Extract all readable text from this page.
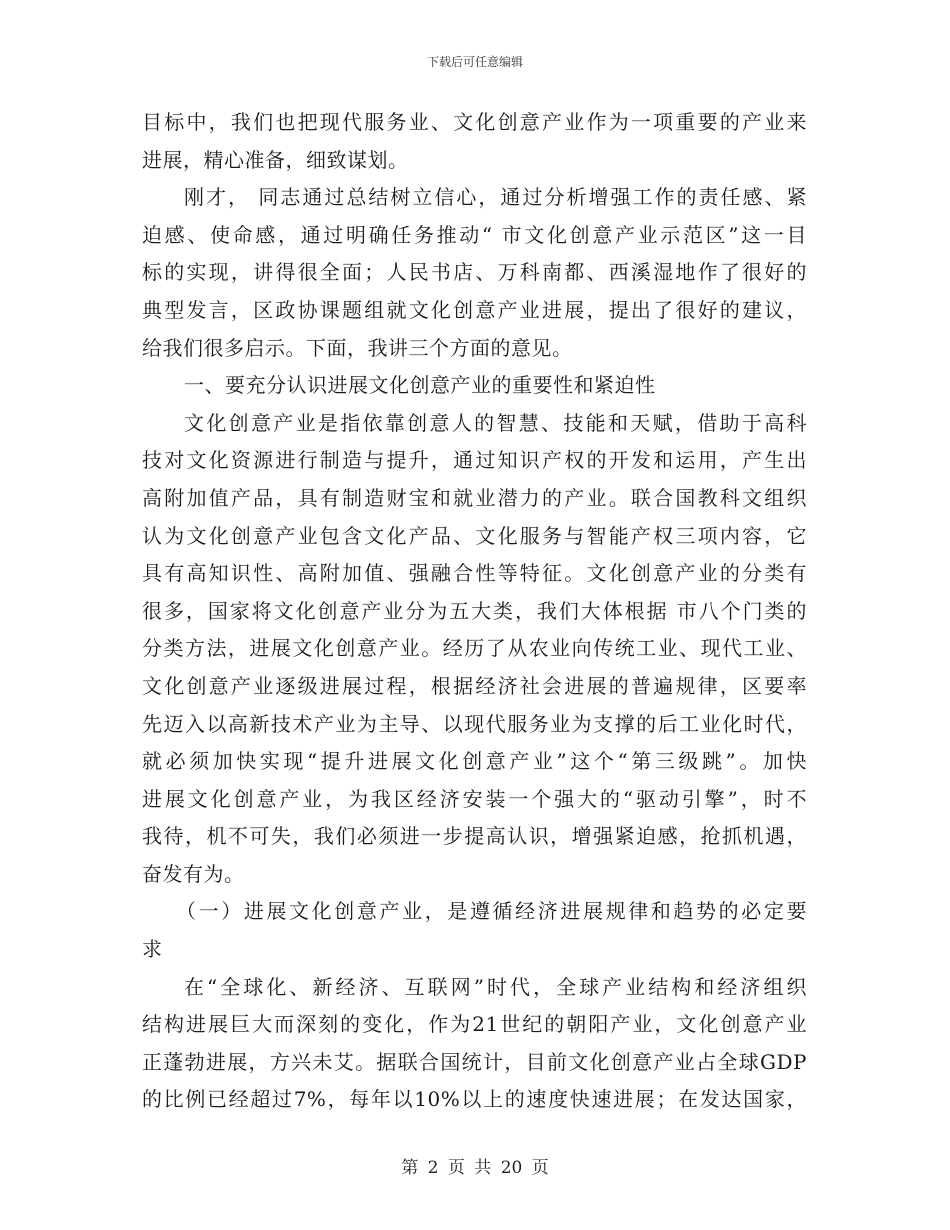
下载后可任意编辑
目标中，我们也把现代服务业、文化创意产业作为一项重要的产业来
进展，精心准备，细致谋划。
刚才， 同志通过总结树立信心，通过分析增强工作的责任感、紧
迫感、使命感，通过明确任务推动“ 市文化创意产业示范区”这一目
标的实现，讲得很全面；人民书店、万科南都、西溪湿地作了很好的
典型发言，区政协课题组就文化创意产业进展，提出了很好的建议，
给我们很多启示。下面，我讲三个方面的意见。
一、要充分认识进展文化创意产业的重要性和紧迫性
文化创意产业是指依靠创意人的智慧、技能和天赋，借助于高科
技对文化资源进行制造与提升，通过知识产权的开发和运用，产生出
高附加值产品，具有制造财宝和就业潜力的产业。联合国教科文组织
认为文化创意产业包含文化产品、文化服务与智能产权三项内容，它
具有高知识性、高附加值、强融合性等特征。文化创意产业的分类有
很多，国家将文化创意产业分为五大类，我们大体根据 市八个门类的
分类方法，进展文化创意产业。经历了从农业向传统工业、现代工业、
文化创意产业逐级进展过程，根据经济社会进展的普遍规律，区要率
先迈入以高新技术产业为主导、以现代服务业为支撑的后工业化时代，
就必须加快实现“提升进展文化创意产业”这个“第三级跳”。加快
进展文化创意产业，为我区经济安装一个强大的“驱动引擎”，时不
我待，机不可失，我们必须进一步提高认识，增强紧迫感，抢抓机遇，
奋发有为。
（一）进展文化创意产业，是遵循经济进展规律和趋势的必定要
求
在“全球化、新经济、互联网”时代，全球产业结构和经济组织
结构进展巨大而深刻的变化，作为21世纪的朝阳产业，文化创意产业
正蓬勃进展，方兴未艾。据联合国统计，目前文化创意产业占全球GDP
的比例已经超过7%，每年以10%以上的速度快速进展；在发达国家，
第 2 页 共 20 页
